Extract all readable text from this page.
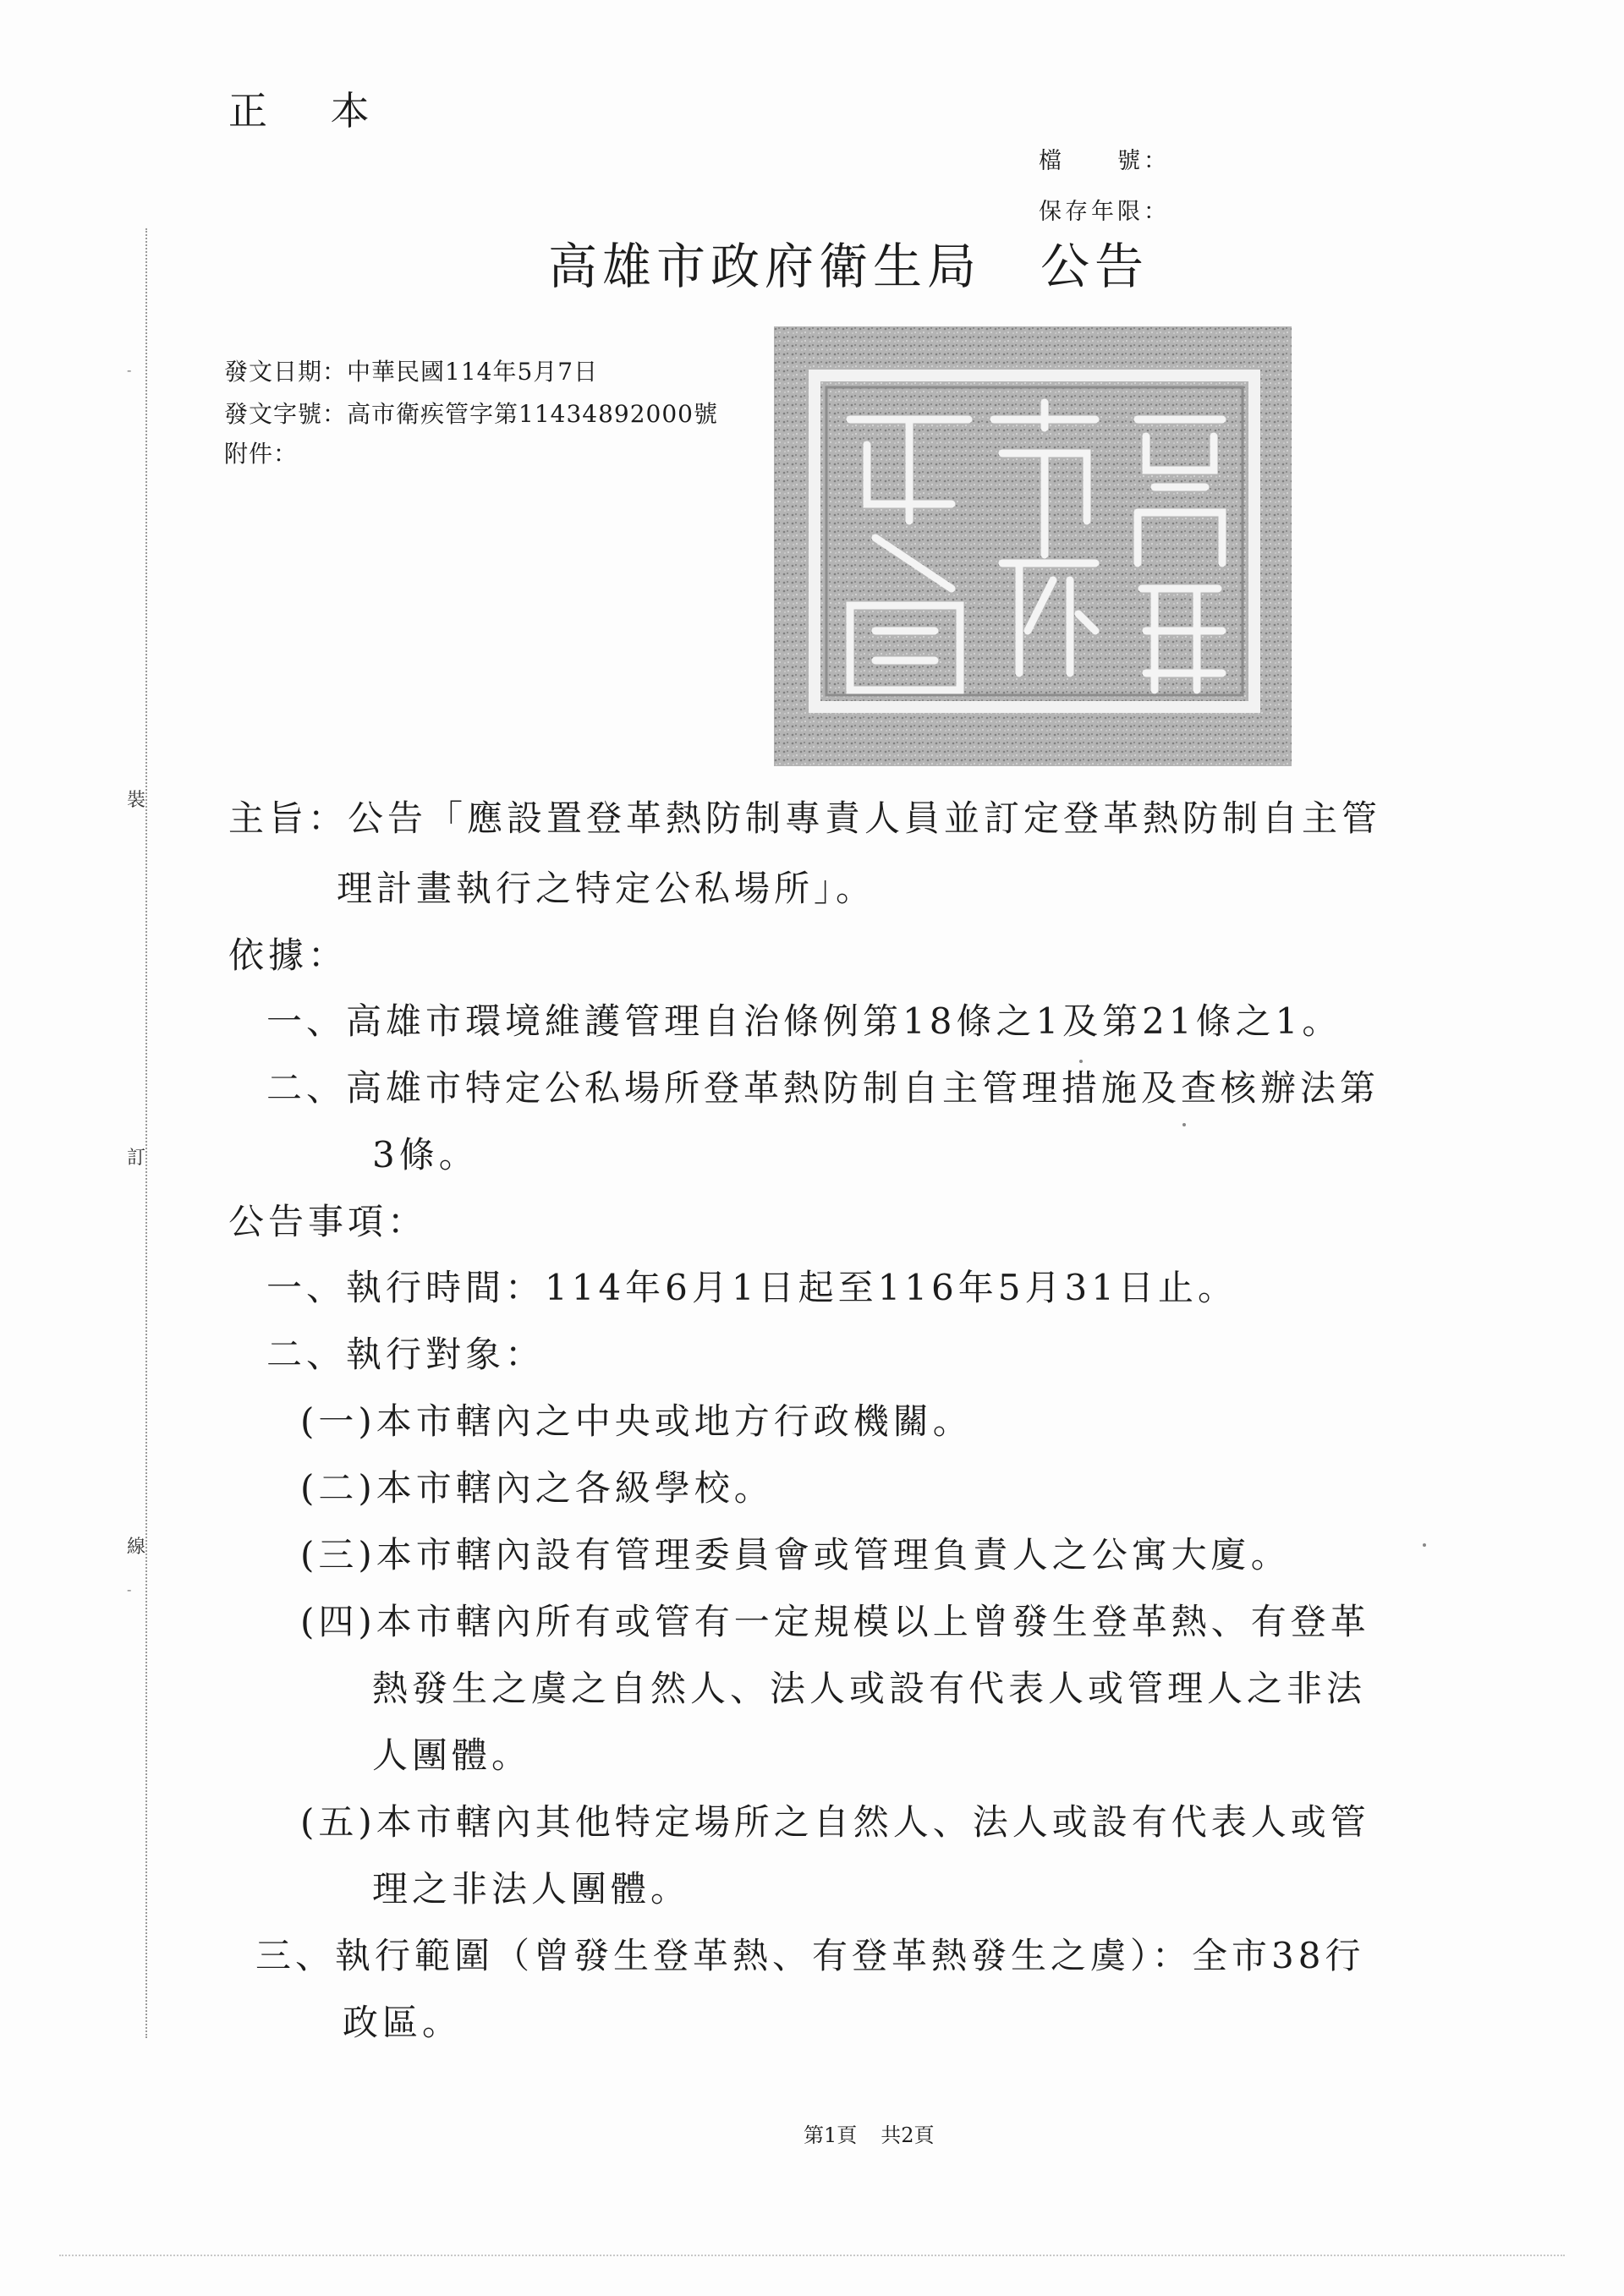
裝
訂
線
-
-
正 本
檔　　號：
保存年限：
高雄市政府衛生局 公告
發文日期：中華民國114年5月7日
發文字號：高市衛疾管字第11434892000號
附件：
主旨：公告「應設置登革熱防制專責人員並訂定登革熱防制自主管
理計畫執行之特定公私場所」。
依據：
一、高雄市環境維護管理自治條例第18條之1及第21條之1。
二、高雄市特定公私場所登革熱防制自主管理措施及查核辦法第
3條。
公告事項：
一、執行時間：114年6月1日起至116年5月31日止。
二、執行對象：
(一)本市轄內之中央或地方行政機關。
(二)本市轄內之各級學校。
(三)本市轄內設有管理委員會或管理負責人之公寓大廈。
(四)本市轄內所有或管有一定規模以上曾發生登革熱、有登革
熱發生之虞之自然人、法人或設有代表人或管理人之非法
人團體。
(五)本市轄內其他特定場所之自然人、法人或設有代表人或管
理之非法人團體。
三、執行範圍（曾發生登革熱、有登革熱發生之虞）：全市38行
政區。
第1頁 共2頁
